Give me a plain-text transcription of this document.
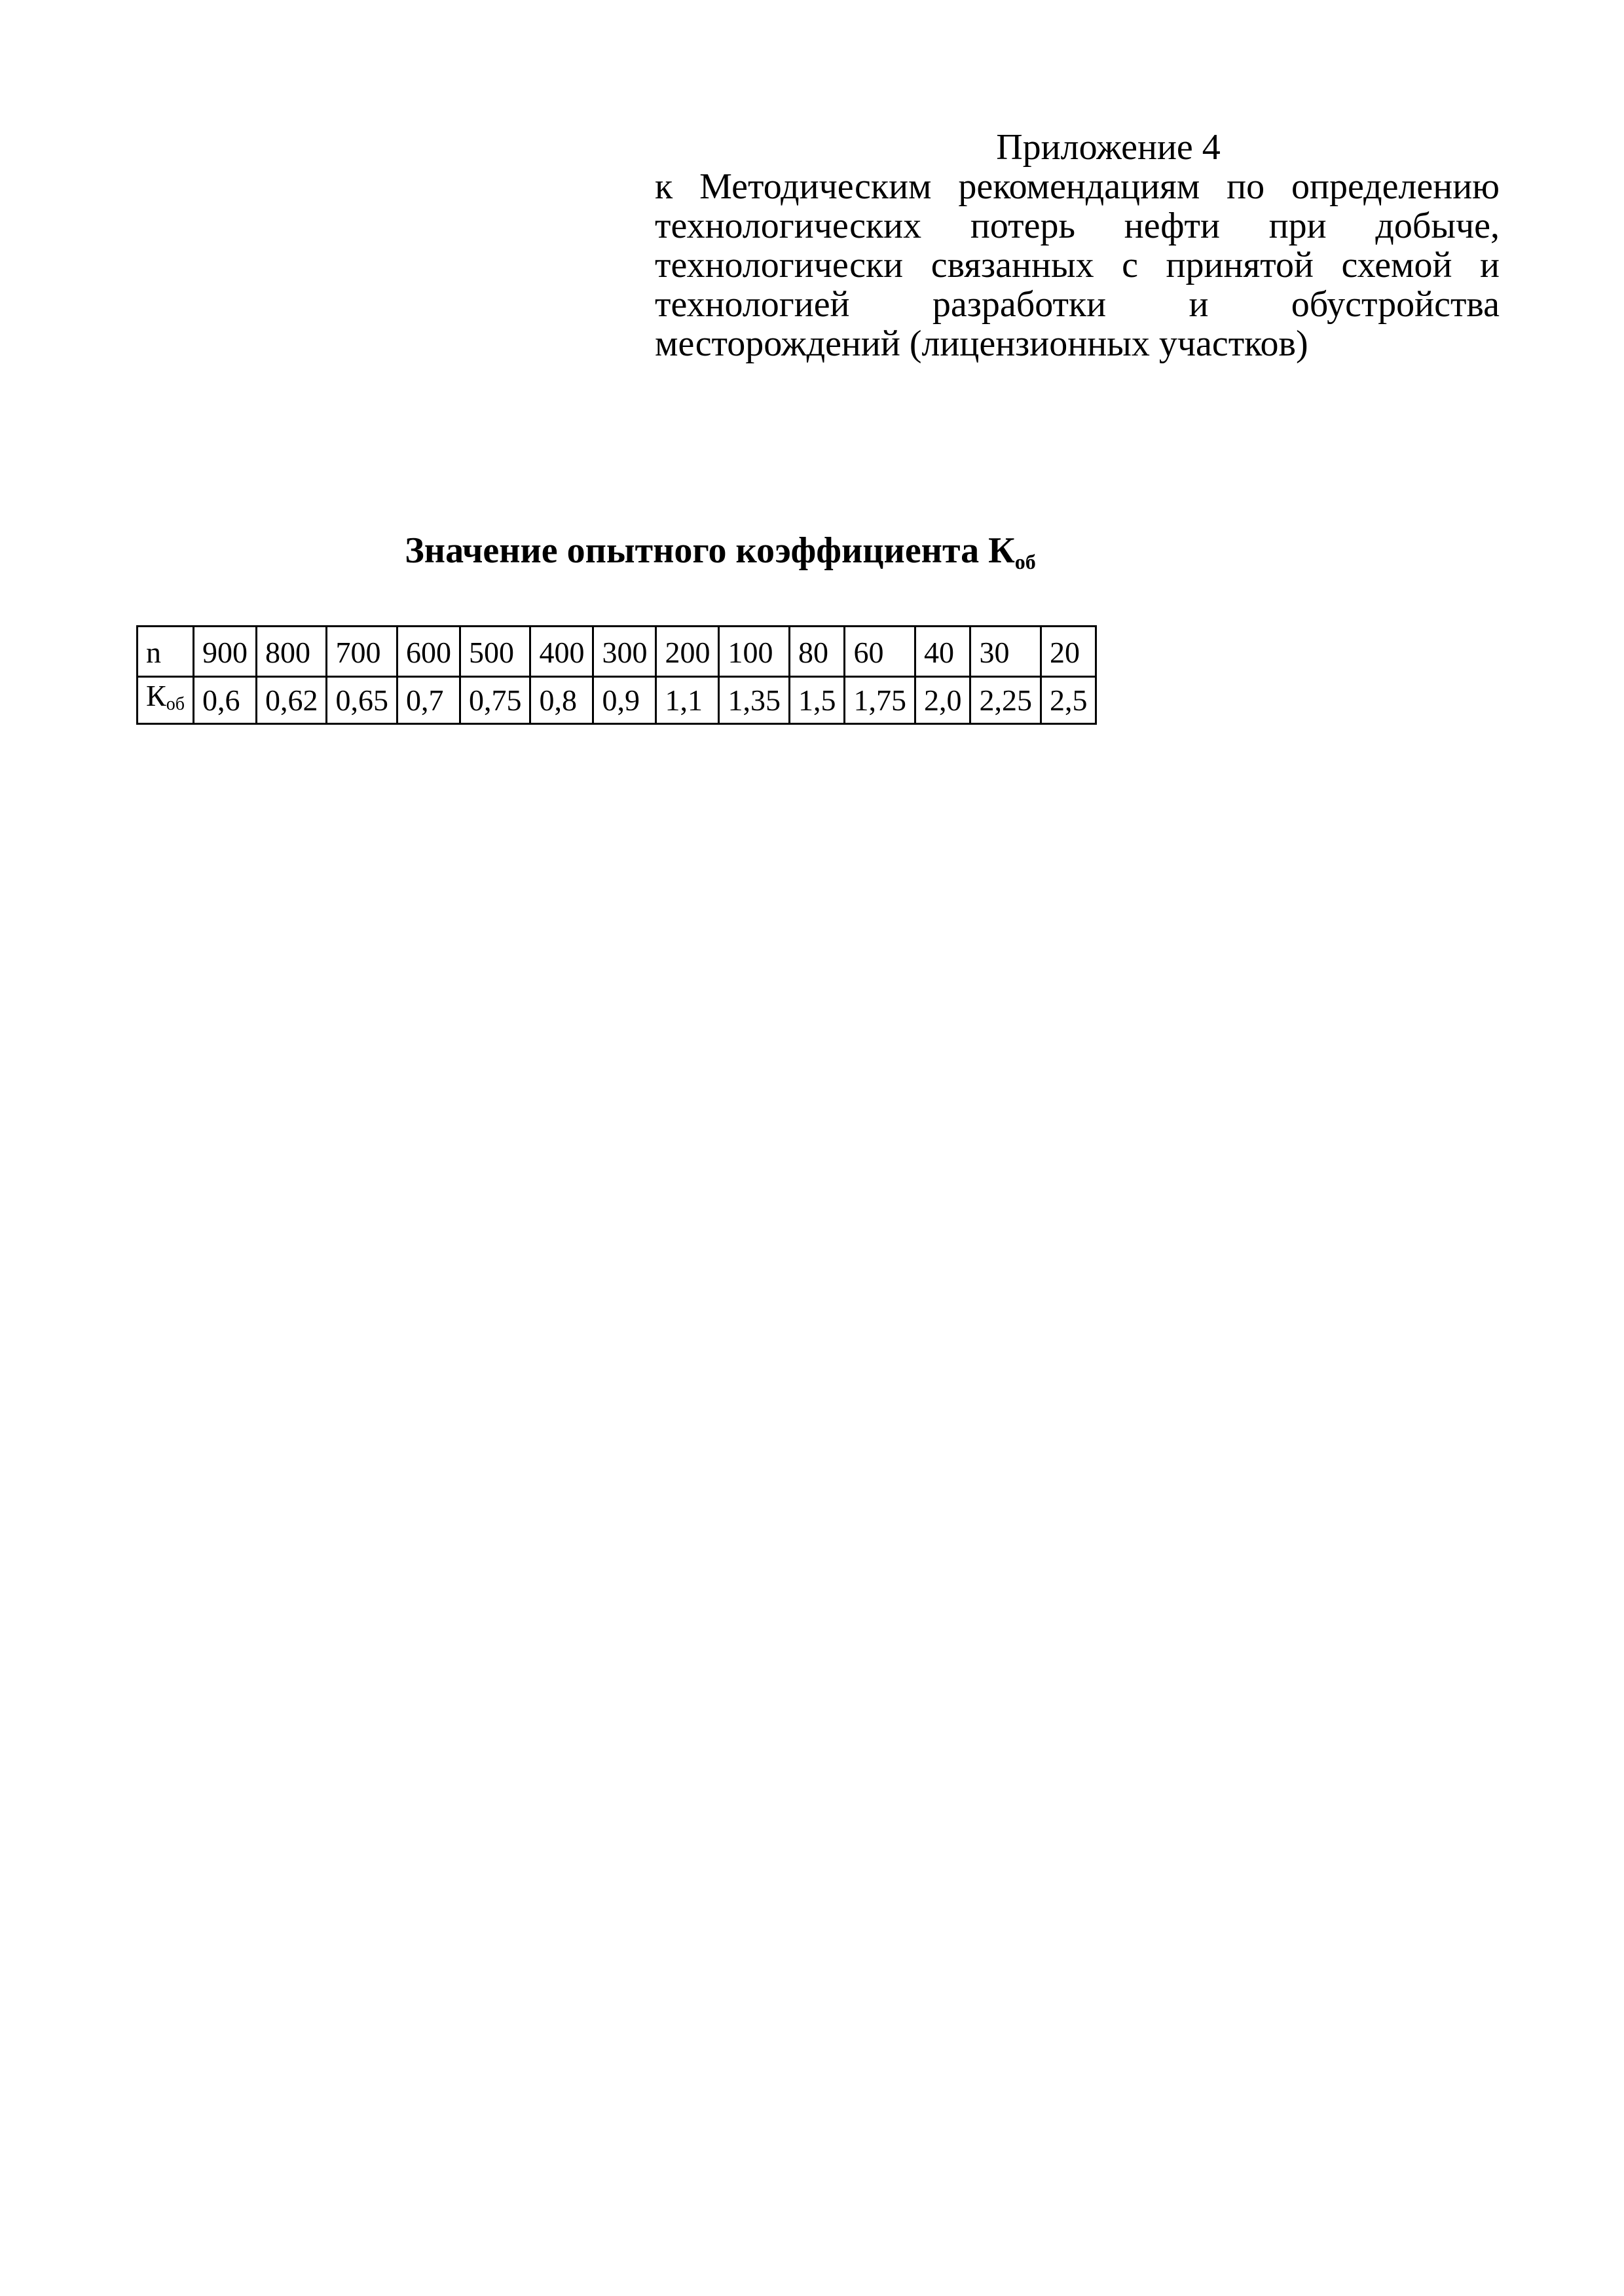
Приложение 4

к Методическим рекомендациям по определению технологических потерь нефти при добыче, технологически связанных с принятой схемой и технологией разработки и обустройства месторождений (лицензионных участков)

Значение опытного коэффициента $К_{об}$
n	900	800	700	600	500	400	300	200	100	80	60	40	30	20
$К_{об}$	0,6	0,62	0,65	0,7	0,75	0,8	0,9	1,1	1,35	1,5	1,75	2,0	2,25	2,5
